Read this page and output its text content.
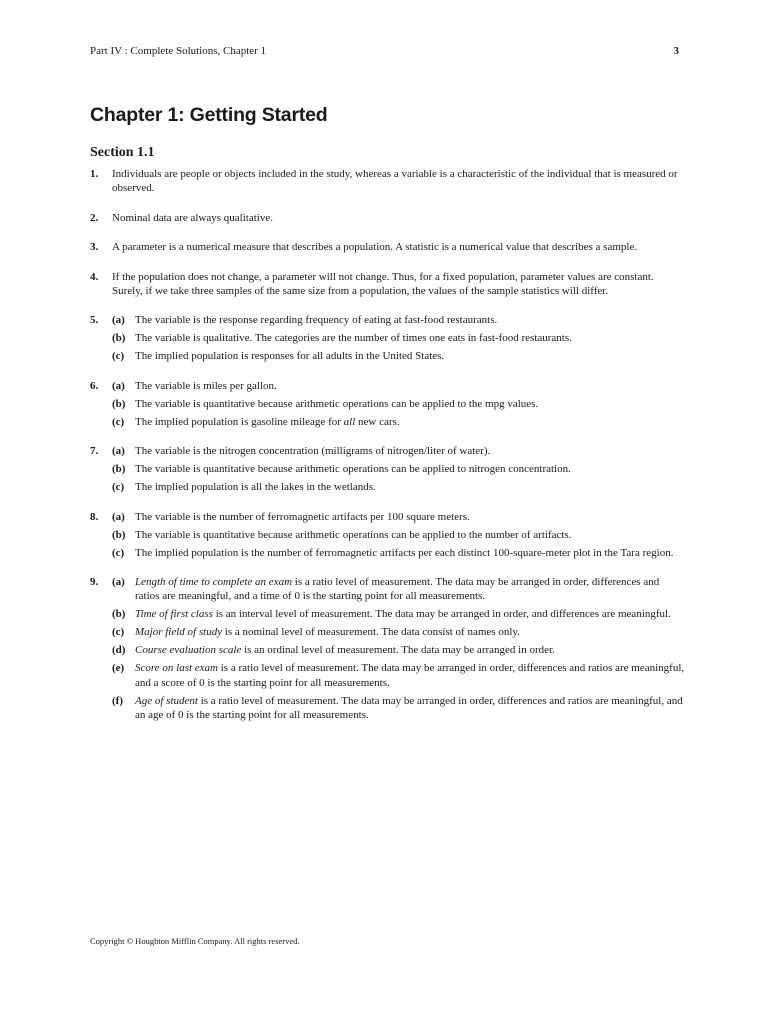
Part IV : Complete Solutions, Chapter 1	3
Chapter 1: Getting Started
Section 1.1
1.	Individuals are people or objects included in the study, whereas a variable is a characteristic of the individual that is measured or observed.
2.	Nominal data are always qualitative.
3.	A parameter is a numerical measure that describes a population. A statistic is a numerical value that describes a sample.
4.	If the population does not change, a parameter will not change. Thus, for a fixed population, parameter values are constant. Surely, if we take three samples of the same size from a population, the values of the sample statistics will differ.
5.	(a) The variable is the response regarding frequency of eating at fast-food restaurants.
(b) The variable is qualitative. The categories are the number of times one eats in fast-food restaurants.
(c) The implied population is responses for all adults in the United States.
6.	(a) The variable is miles per gallon.
(b) The variable is quantitative because arithmetic operations can be applied to the mpg values.
(c) The implied population is gasoline mileage for all new cars.
7.	(a) The variable is the nitrogen concentration (milligrams of nitrogen/liter of water).
(b) The variable is quantitative because arithmetic operations can be applied to nitrogen concentration.
(c) The implied population is all the lakes in the wetlands.
8.	(a) The variable is the number of ferromagnetic artifacts per 100 square meters.
(b) The variable is quantitative because arithmetic operations can be applied to the number of artifacts.
(c) The implied population is the number of ferromagnetic artifacts per each distinct 100-square-meter plot in the Tara region.
9.	(a) Length of time to complete an exam is a ratio level of measurement. The data may be arranged in order, differences and ratios are meaningful, and a time of 0 is the starting point for all measurements.
(b) Time of first class is an interval level of measurement. The data may be arranged in order, and differences are meaningful.
(c) Major field of study is a nominal level of measurement. The data consist of names only.
(d) Course evaluation scale is an ordinal level of measurement. The data may be arranged in order.
(e) Score on last exam is a ratio level of measurement. The data may be arranged in order, differences and ratios are meaningful, and a score of 0 is the starting point for all measurements.
(f) Age of student is a ratio level of measurement. The data may be arranged in order, differences and ratios are meaningful, and an age of 0 is the starting point for all measurements.
Copyright © Houghton Mifflin Company. All rights reserved.
